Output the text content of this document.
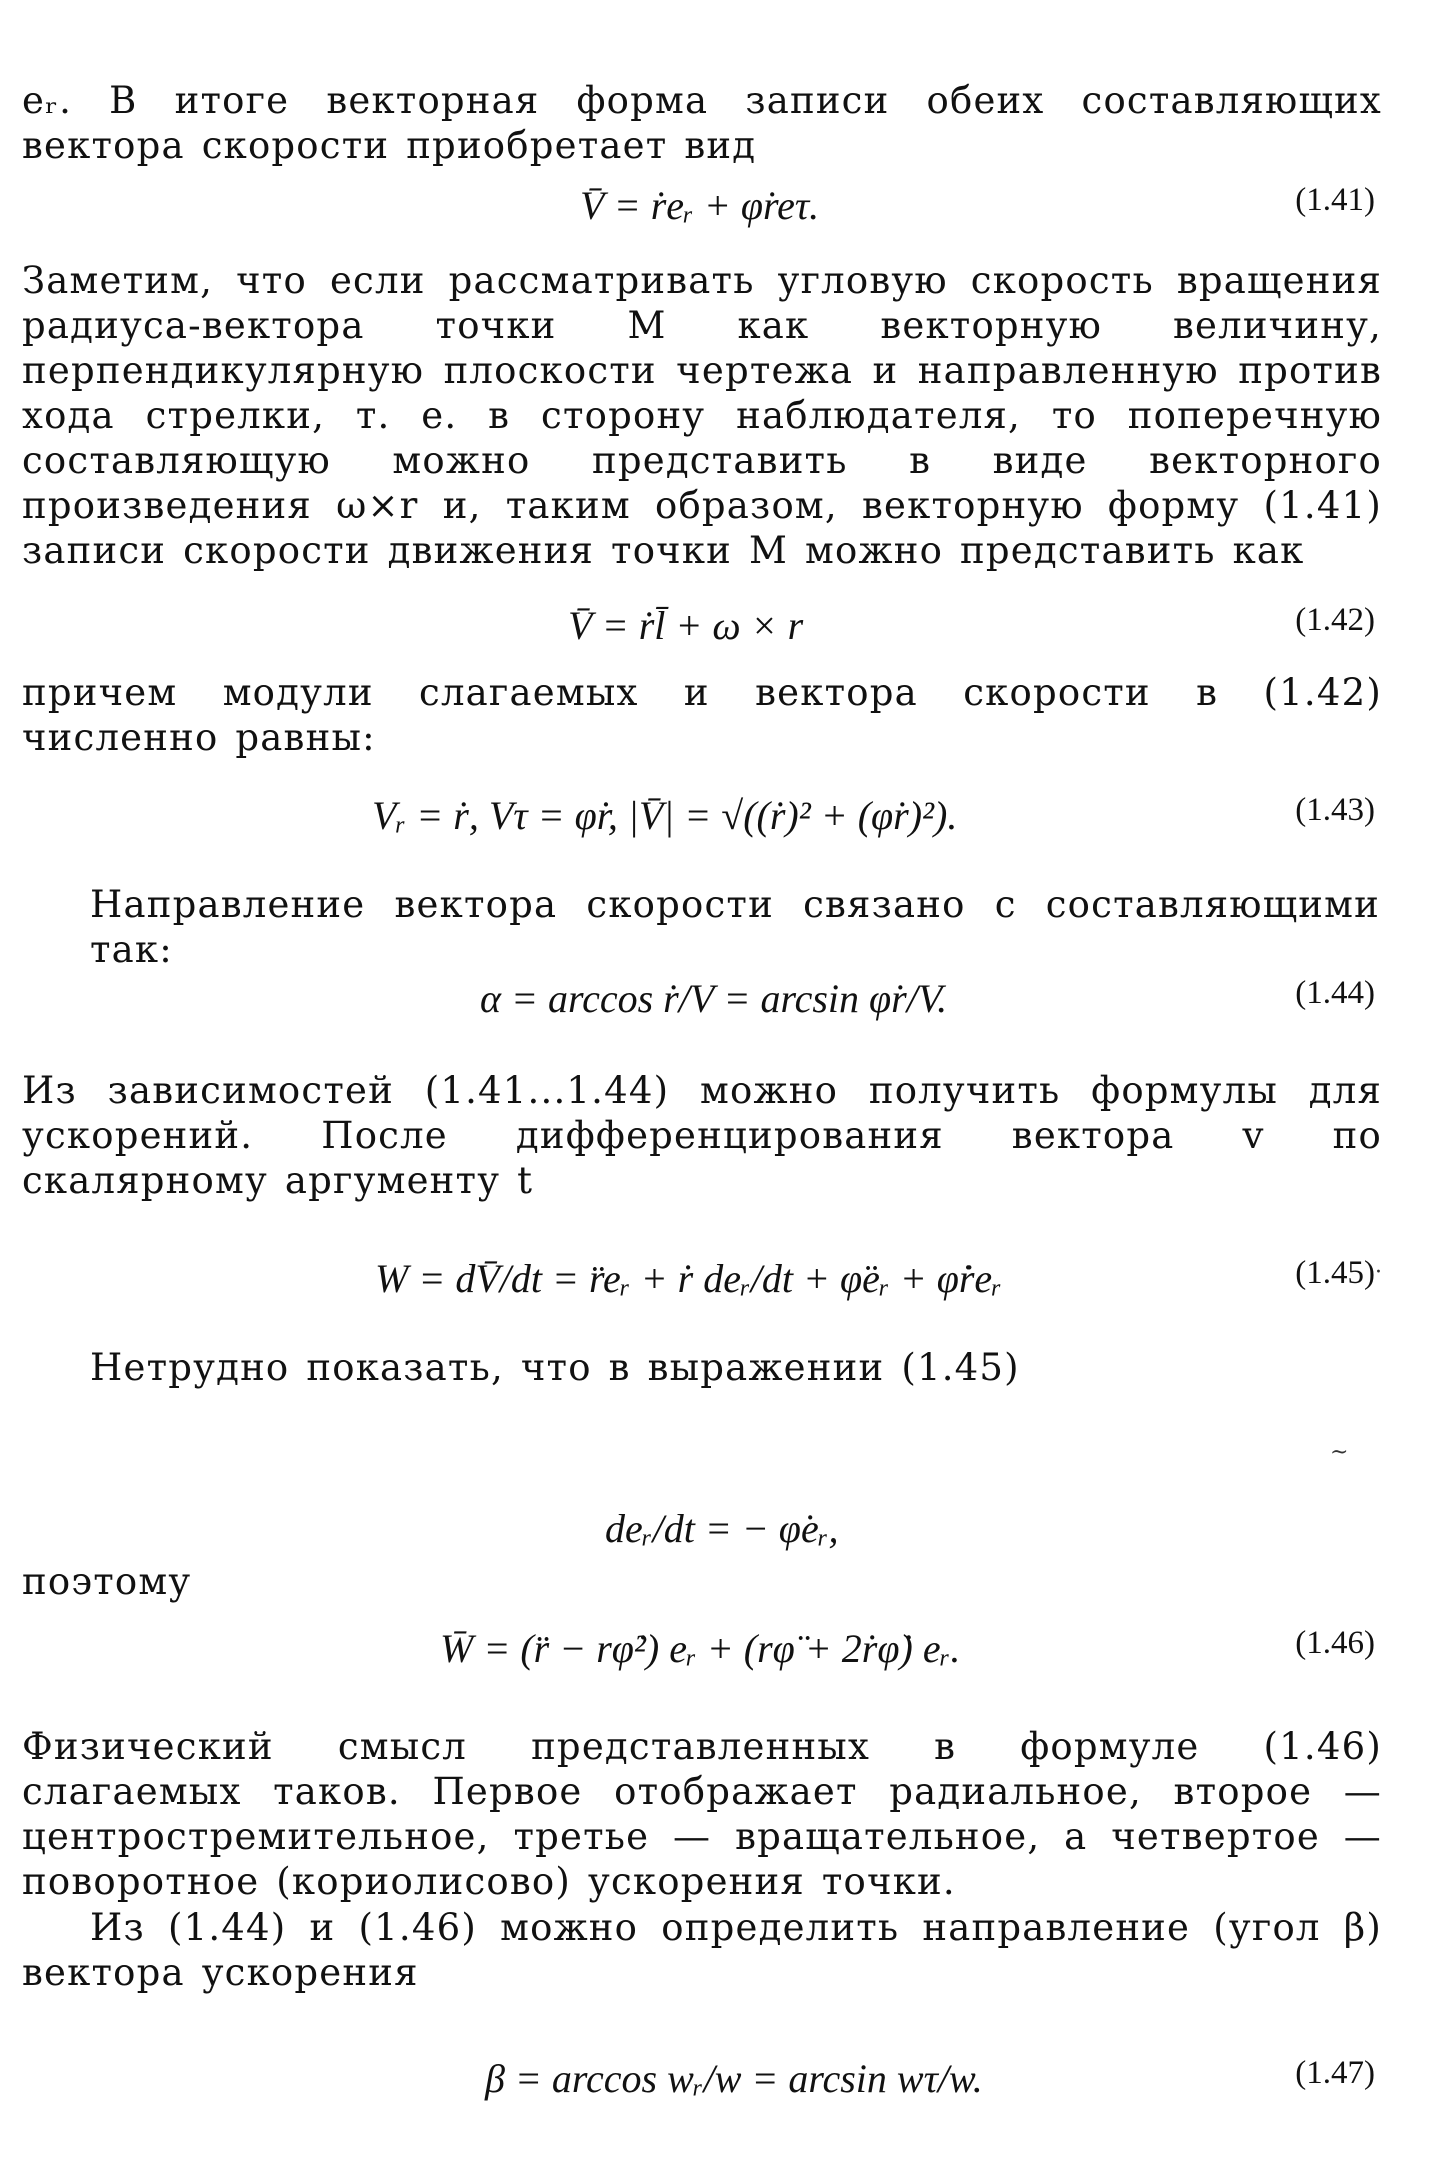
eᵣ. В итоге векторная форма записи обеих составляющих вектора скорости приобретает вид
V̄ = ṙeᵣ + φ̇reτ.	(1.41)
Заметим, что если рассматривать угловую скорость вращения радиуса-вектора точки М как векторную величину, перпендикулярную плоскости чертежа и направленную против хода стрелки, т. е. в сторону наблюдателя, то поперечную составляющую можно представить в виде векторного произведения ω×r и, таким образом, векторную форму (1.41) записи скорости движения точки М можно представить как
V̄ = ṙl̄ + ω × r	(1.42)
причем модули слагаемых и вектора скорости в (1.42) численно равны:
Vᵣ = ṙ, Vτ = φ̇r, |V̄| = √((ṙ)² + (φ̇r)²).	(1.43)
Направление вектора скорости связано с составляющими так:
α = arccos ṙ/V = arcsin φ̇r/V.	(1.44)
Из зависимостей (1.41...1.44) можно получить формулы для ускорений. После дифференцирования вектора v по скалярному аргументу t
W = dV̄/dt = r̈eᵣ + ṙ deᵣ/dt + φ̈eᵣ + φ̇ṙeᵣ	(1.45)
Нетрудно показать, что в выражении (1.45)
deᵣ/dt = − φ̇eᵣ,
поэтому
W̄ = (r̈ − rφ̇²) eᵣ + (rφ̈ + 2ṙφ̇) eᵣ.	(1.46)
Физический смысл представленных в формуле (1.46) слагаемых таков. Первое отображает радиальное, второе — центростремительное, третье — вращательное, а четвертое — поворотное (кориолисово) ускорения точки.
Из (1.44) и (1.46) можно определить направление (угол β) вектора ускорения
β = arccos wᵣ/w = arcsin wτ/w.	(1.47)
~
·
